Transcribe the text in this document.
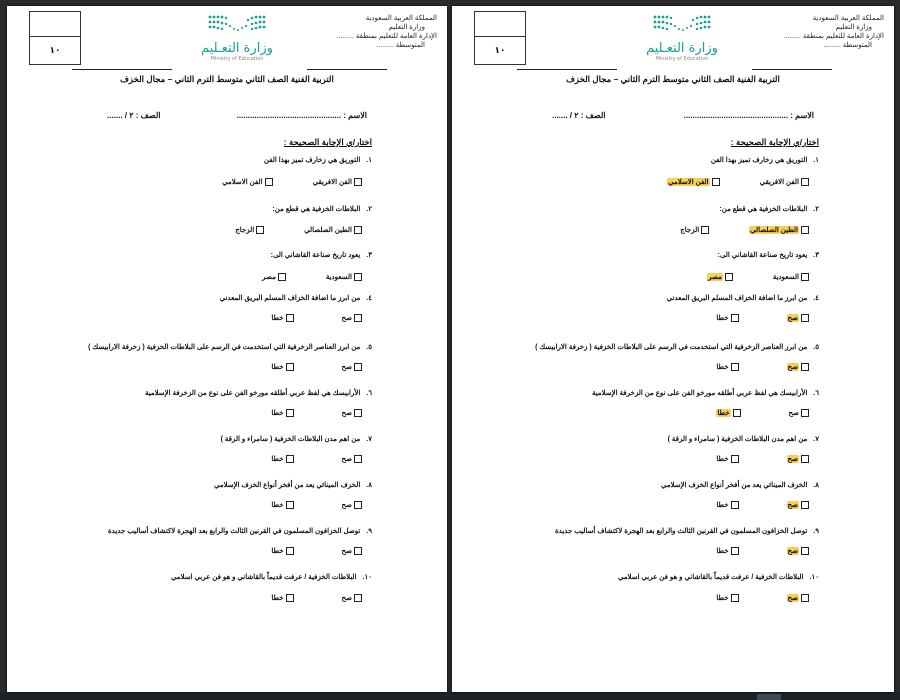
١٠	وزارة التعـليم
Ministry of Education
المملكة العربية السعودية
وزارة التعليم
الإدارة العامة للتعليم بمنطقة .........
المتوسطة .........
التربية الفنية الصف الثاني متوسط الترم الثاني – مجال الخزف
الاسم : ...............................................
الصف : ٢ / .......
اختار/ي الإجابة الصحيحة :
١.التوريق هي زخارف تميز بهذا الفن
الفن الافريقي
الفن الاسلامي
٢.البلاطات الخزفية هي قطع من:
الطين الصلصالي
الزجاج
٣.يعود تاريخ صناعة القاشاني الى:
السعودية
مصر
٤.من ابرز ما اضافة الخزاف المسلم البريق المعدني
صح
خطا
٥.من ابرز العناصر الزخرفية التي استخدمت في الرسم على البلاطات الخزفية ( زخرفة الارابيسك )
صح
خطا
٦.الأرابيسك هي لفظ عربي أطلقه مورخو الفن على نوع من الزخرفة الإسلامية
صح
خطا
٧.من اهم مدن البلاطات الخزفية ( سامراء و الرقة )
صح
خطا
٨.الخزف المينائي يعد من أفخر أنواع الخزف الإسلامي
صح
خطا
٩.توصل الخزافون المسلمون في القرنين الثالث والرابع بعد الهجرة لاكتشاف أساليب جديدة
صح
خطا
١٠.البلاطات الخزفية / عرفت قديماً بالقاشاني و هو فن عربي اسلامي
صح
خطا
١٠	وزارة التعـليم
Ministry of Education
المملكة العربية السعودية
وزارة التعليم
الإدارة العامة للتعليم بمنطقة .........
المتوسطة .........
التربية الفنية الصف الثاني متوسط الترم الثاني – مجال الخزف
الاسم : ...............................................
الصف : ٢ / .......
اختار/ي الإجابة الصحيحة :
١.التوريق هي زخارف تميز بهذا الفن
الفن الافريقي
الفن الاسلامي
٢.البلاطات الخزفية هي قطع من:
الطين الصلصالي
الزجاج
٣.يعود تاريخ صناعة القاشاني الى:
السعودية
مصر
٤.من ابرز ما اضافة الخزاف المسلم البريق المعدني
صح
خطا
٥.من ابرز العناصر الزخرفية التي استخدمت في الرسم على البلاطات الخزفية ( زخرفة الارابيسك )
صح
خطا
٦.الأرابيسك هي لفظ عربي أطلقه مورخو الفن على نوع من الزخرفة الإسلامية
صح
خطا
٧.من اهم مدن البلاطات الخزفية ( سامراء و الرقة )
صح
خطا
٨.الخزف المينائي يعد من أفخر أنواع الخزف الإسلامي
صح
خطا
٩.توصل الخزافون المسلمون في القرنين الثالث والرابع بعد الهجرة لاكتشاف أساليب جديدة
صح
خطا
١٠.البلاطات الخزفية / عرفت قديماً بالقاشاني و هو فن عربي اسلامي
صح
خطا
